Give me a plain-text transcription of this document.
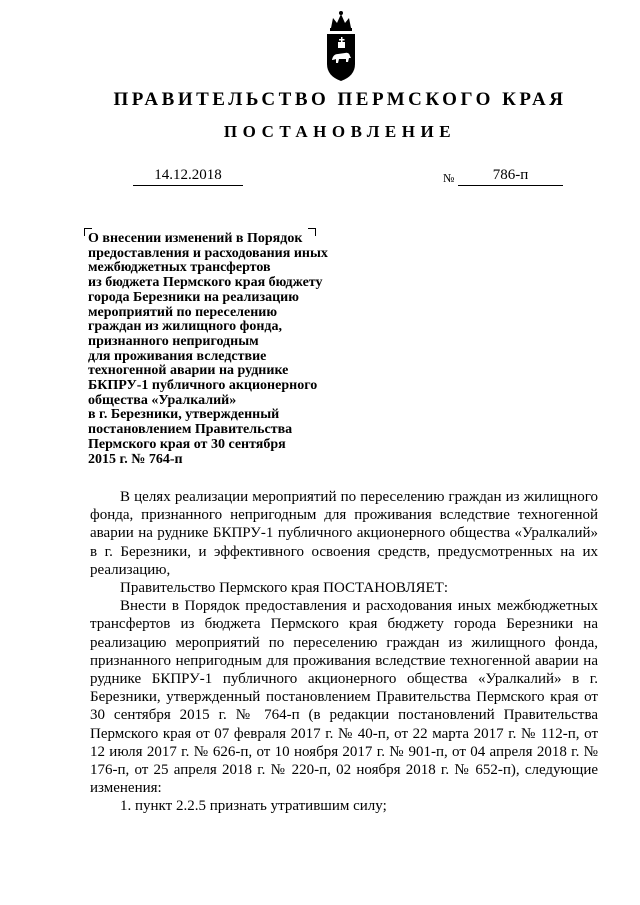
ПРАВИТЕЛЬСТВО ПЕРМСКОГО КРАЯ
ПОСТАНОВЛЕНИЕ
14.12.2018	№	786-п
О внесении изменений в Порядок
предоставления и расходования иных
межбюджетных трансфертов
из бюджета Пермского края бюджету
города Березники на реализацию
мероприятий по переселению
граждан из жилищного фонда,
признанного непригодным
для проживания вследствие
техногенной аварии на руднике
БКПРУ-1 публичного акционерного
общества «Уралкалий»
в г. Березники, утвержденный
постановлением Правительства
Пермского края от 30 сентября
2015 г. № 764-п

В целях реализации мероприятий по переселению граждан из жилищного фонда, признанного непригодным для проживания вследствие техногенной аварии на руднике БКПРУ-1 публичного акционерного общества «Уралкалий» в г. Березники, и эффективного освоения средств, предусмотренных на их реализацию,

Правительство Пермского края ПОСТАНОВЛЯЕТ:

Внести в Порядок предоставления и расходования иных межбюджетных трансфертов из бюджета Пермского края бюджету города Березники на реализацию мероприятий по переселению граждан из жилищного фонда, признанного непригодным для проживания вследствие техногенной аварии на руднике БКПРУ-1 публичного акционерного общества «Уралкалий» в г. Березники, утвержденный постановлением Правительства Пермского края от 30 сентября 2015 г. № 764-п (в редакции постановлений Правительства Пермского края от 07 февраля 2017 г. № 40-п, от 22 марта 2017 г. № 112-п, от 12 июля 2017 г. № 626-п, от 10 ноября 2017 г. № 901-п, от 04 апреля 2018 г. № 176-п, от 25 апреля 2018 г. № 220-п, 02 ноября 2018 г. № 652-п), следующие изменения:

1. пункт 2.2.5 признать утратившим силу;
